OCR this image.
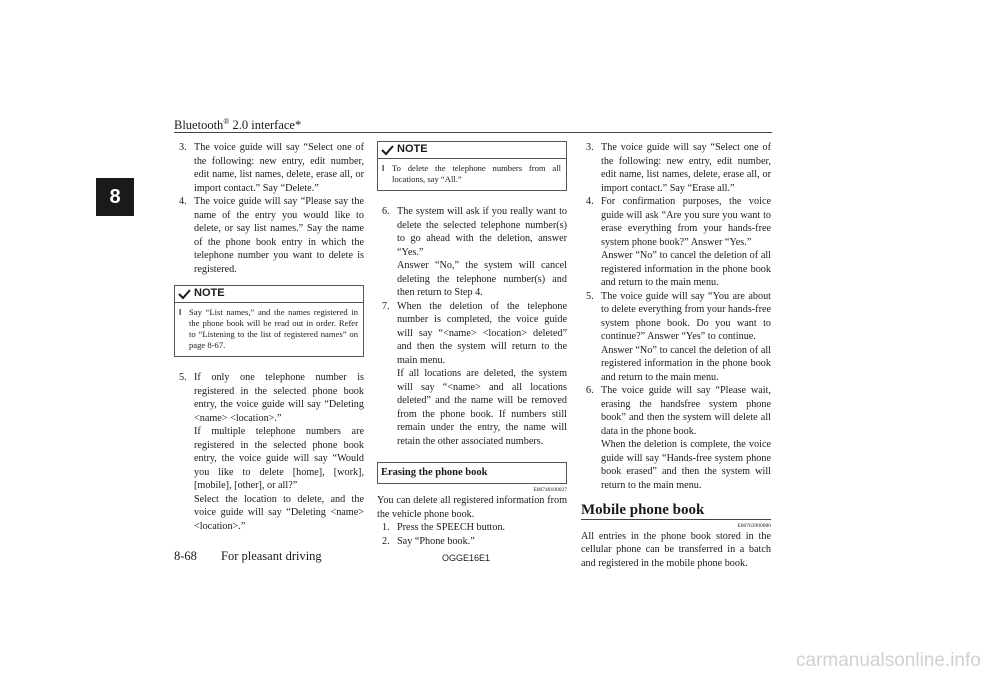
Bluetooth® 2.0 interface*
8
3. The voice guide will say “Select one of the following: new entry, edit number, edit name, list names, delete, erase all, or import contact.” Say “Delete.”

4. The voice guide will say “Please say the name of the entry you would like to delete, or say list names.” Say the name of the phone book entry in which the telephone number you want to delete is registered.

NOTE
l Say “List names,” and the names registered in the phone book will be read out in order. Refer to “Listening to the list of registered names” on page 8-67.
5. If only one telephone number is registered in the selected phone book entry, the voice guide will say “Deleting <name> <location>.”

If multiple telephone numbers are registered in the selected phone book entry, the voice guide will say “Would you like to delete [home], [work], [mobile], [other], or all?”

Select the location to delete, and the voice guide will say “Deleting <name> <location>.”

NOTE
l To delete the telephone numbers from all locations, say “All.”
6. The system will ask if you really want to delete the selected telephone number(s) to go ahead with the deletion, answer “Yes.”

Answer “No,” the system will cancel deleting the telephone number(s) and then return to Step 4.

7. When the deletion of the telephone number is completed, the voice guide will say “<name> <location> deleted” and then the system will return to the main menu.

If all locations are deleted, the system will say “<name> and all locations deleted” and the name will be removed from the phone book. If numbers still remain under the entry, the name will retain the other associated numbers.

Erasing the phone book
E00740100027

You can delete all registered information from the vehicle phone book.

1. Press the SPEECH button.

2. Say “Phone book.”

3. The voice guide will say “Select one of the following: new entry, edit number, edit name, list names, delete, erase all, or import contact.” Say “Erase all.”

4. For confirmation purposes, the voice guide will ask “Are you sure you want to erase everything from your hands-free system phone book?” Answer “Yes.”

Answer “No” to cancel the deletion of all registered information in the phone book and return to the main menu.

5. The voice guide will say “You are about to delete everything from your hands-free system phone book. Do you want to continue?” Answer “Yes” to continue.

Answer “No” to cancel the deletion of all registered information in the phone book and return to the main menu.

6. The voice guide will say “Please wait, erasing the handsfree system phone book” and then the system will delete all data in the phone book.

When the deletion is complete, the voice guide will say “Hands-free system phone book erased” and then the system will return to the main menu.

Mobile phone book
E00763900080

All entries in the phone book stored in the cellular phone can be transferred in a batch and registered in the mobile phone book.

8-68 For pleasant driving	OGGE16E1
carmanualsonline.info
